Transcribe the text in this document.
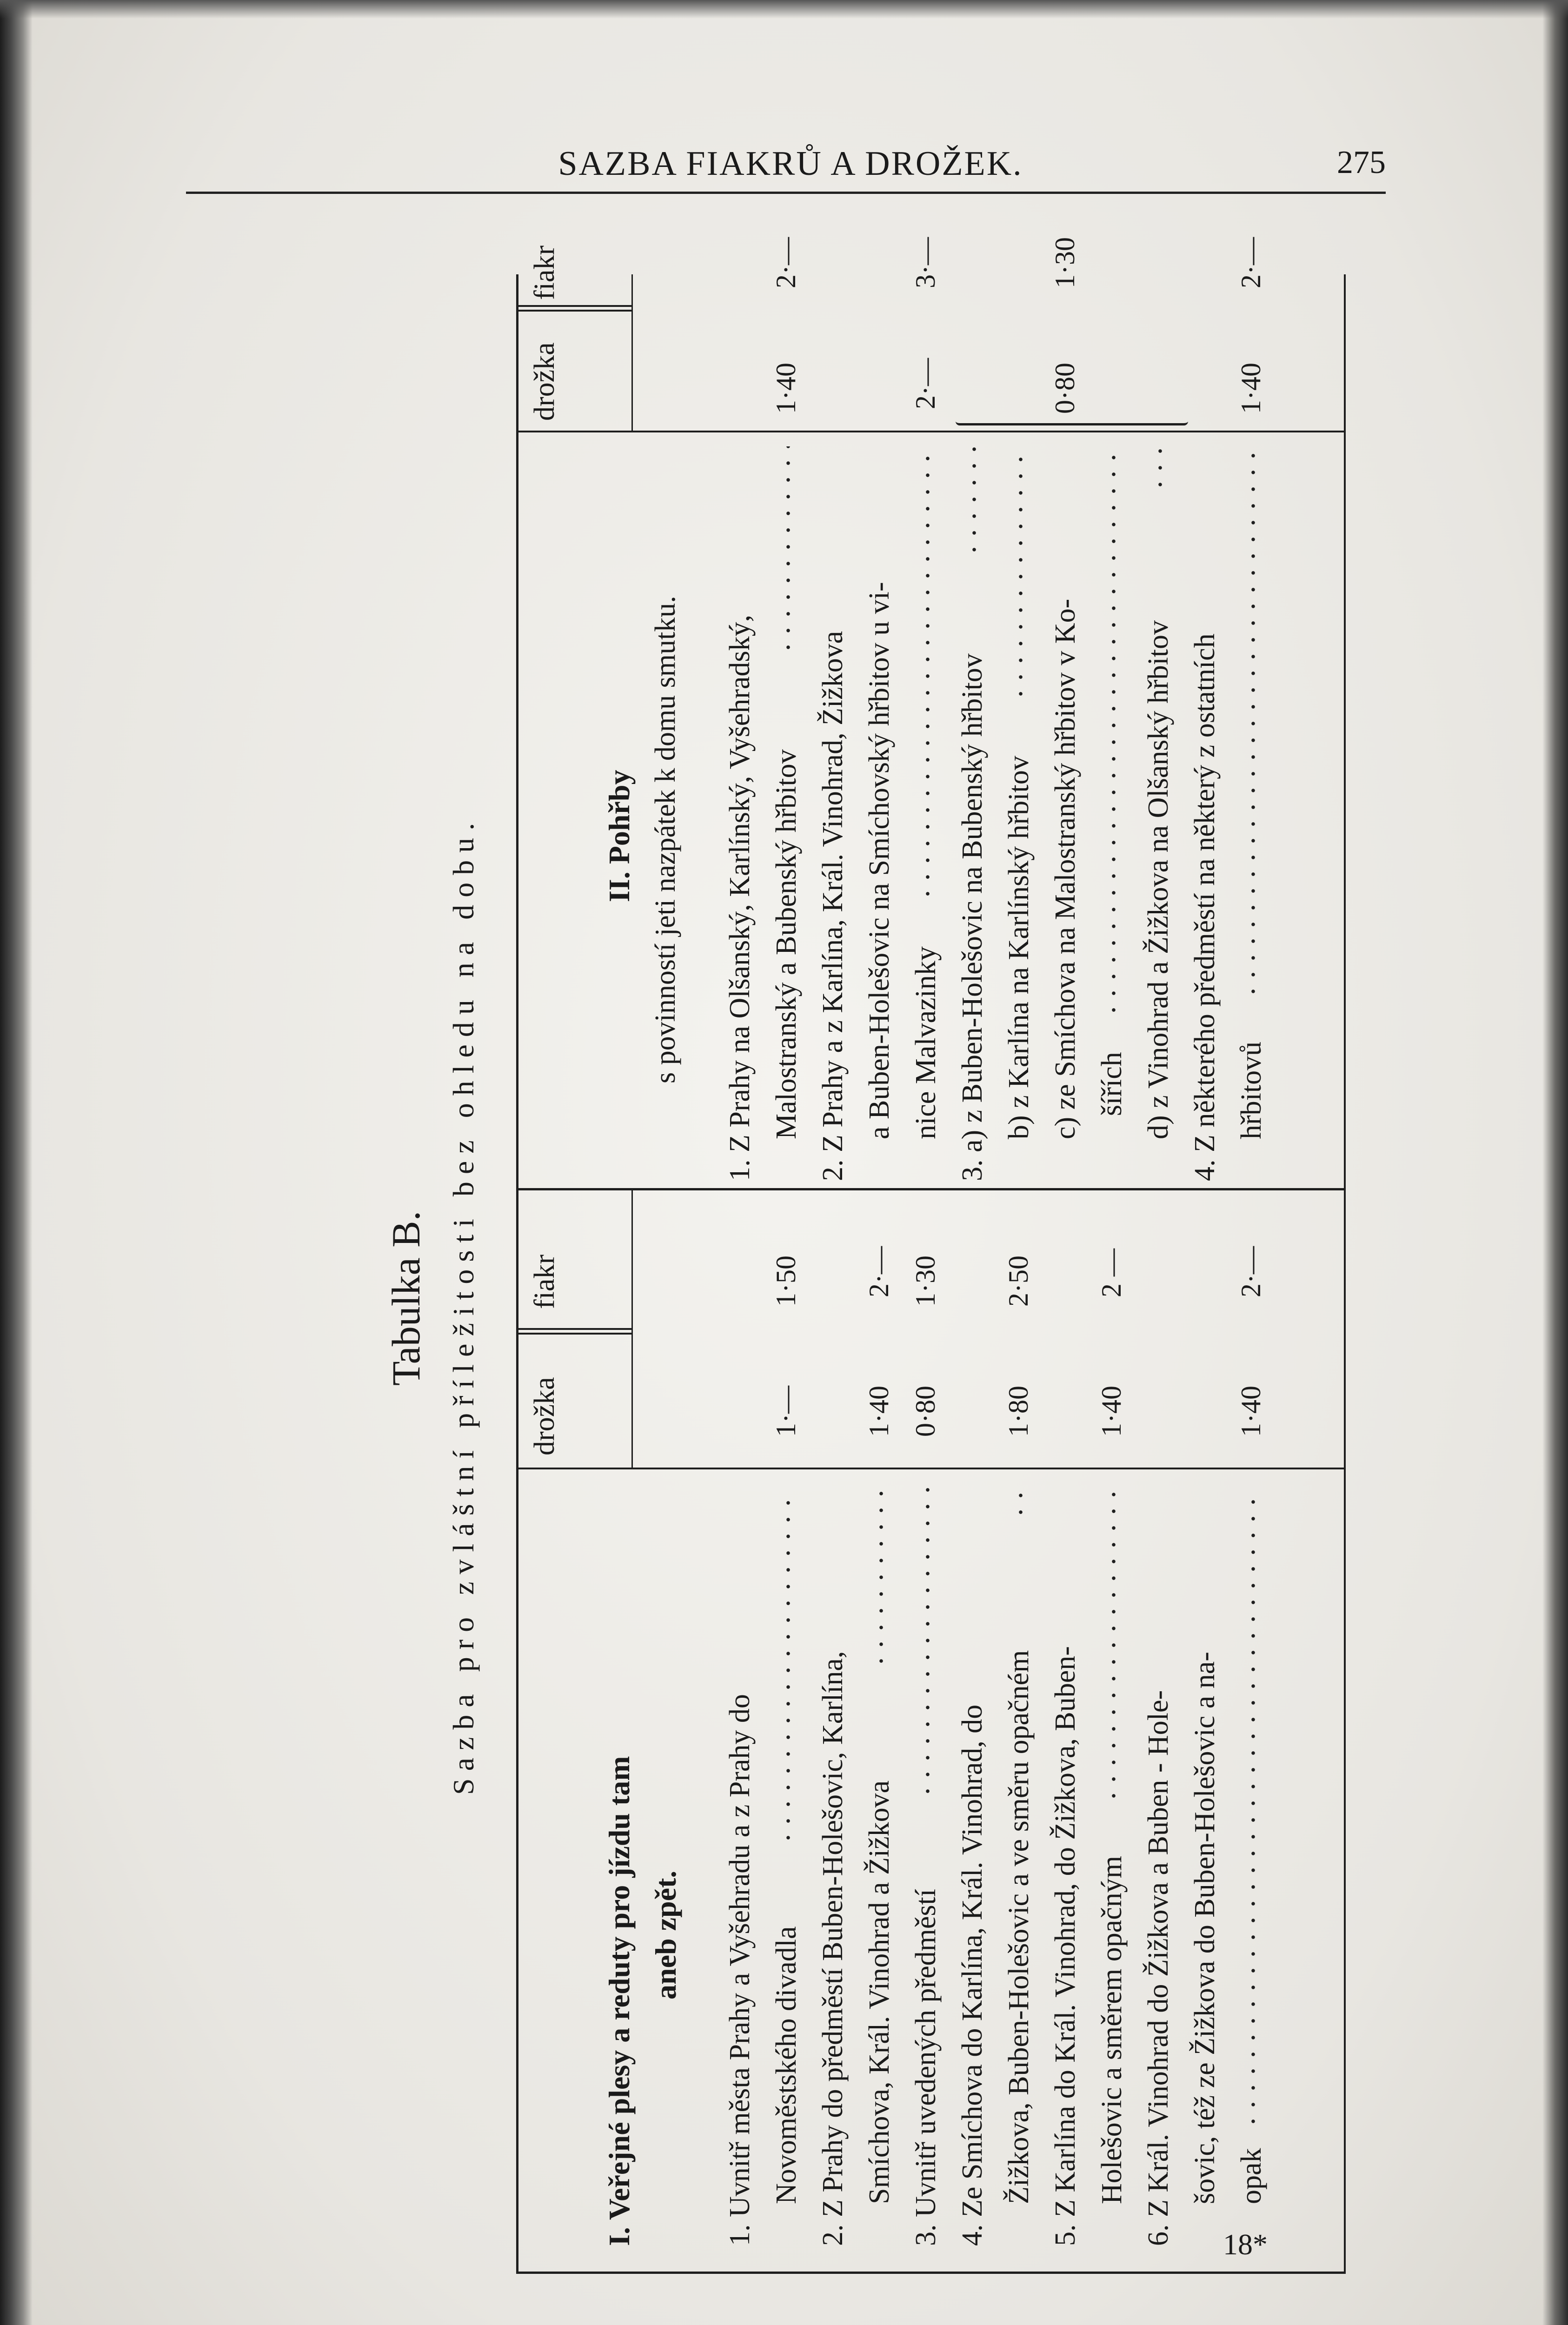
SAZBA FIAKRŮ A DROŽEK.	275
Tabulka B. Sazba pro zvláštní příležitosti bez ohledu na dobu. drožka
fiakr
drožka
fiakr
I. Veřejné plesy a reduty pro jízdu tam aneb zpět. 1. Uvnitř města Prahy a Vyšehradu a z Prahy do Novoměstského divadla
1·—
1·50
2. Z Prahy do předměstí Buben-Holešovic, Karlína, Smíchova, Král. Vinohrad a Žižkova
1·40
2·—
3. Uvnitř uvedených předměstí
0·80
1·30
4. Ze Smíchova do Karlína, Král. Vinohrad, do Žižkova, Buben-Holešovic a ve směru opačném
1·80
2·50
5. Z Karlína do Král. Vinohrad, do Žižkova, Buben- Holešovic a směrem opačným
1·40
2 —
6. Z Král. Vinohrad do Žižkova a Buben - Hole- šovic, též ze Žižkova do Buben-Holešovic a na- opak
1·40
2·—
II. Pohřby s povinností jeti nazpátek k domu smutku. 1. Z Prahy na Olšanský, Karlínský, Vyšehradský, Malostranský a Bubenský hřbitov
1·40
2·—
2. Z Prahy a z Karlína, Král. Vinohrad, Žižkova a Buben-Holešovic na Smíchovský hřbitov u vi- nice Malvazinky
2·—
3·—
3. a) z Buben-Holešovic na Bubenský hřbitov b) z Karlína na Karlínský hřbitov c) ze Smíchova na Malostranský hřbitov v Ko- šířích d) z Vinohrad a Žižkova na Olšanský hřbitov
0·80
1·30
4. Z některého předměstí na některý z ostatních hřbitovů
1·40
2·—
18*
